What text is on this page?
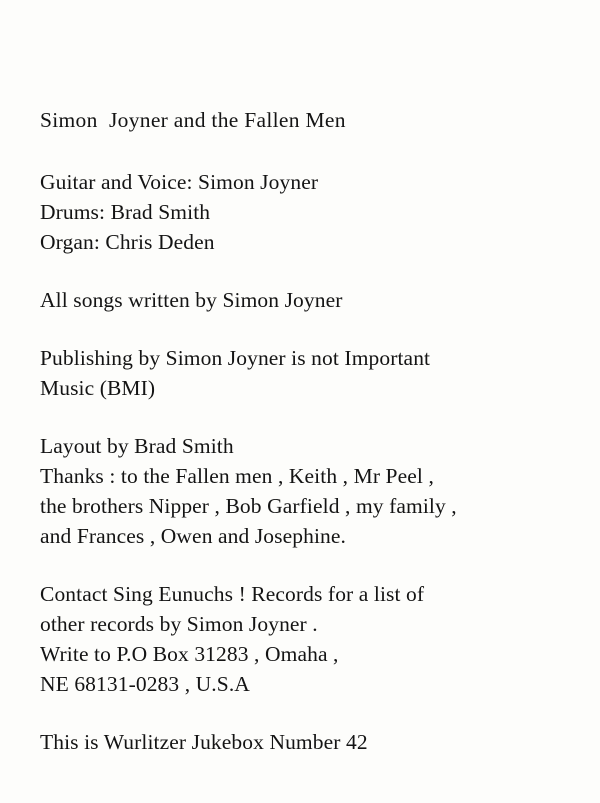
Simon  Joyner and the Fallen Men
Guitar and Voice: Simon Joyner
Drums: Brad Smith
Organ: Chris Deden
All songs written by Simon Joyner
Publishing by Simon Joyner is not Important
Music (BMI)
Layout by Brad Smith
Thanks : to the Fallen men , Keith , Mr Peel ,
the brothers Nipper , Bob Garfield , my family ,
and Frances , Owen and Josephine.
Contact Sing Eunuchs ! Records for a list of
other records by Simon Joyner .
Write to P.O Box 31283 , Omaha ,
NE 68131-0283 , U.S.A
This is Wurlitzer Jukebox Number 42
